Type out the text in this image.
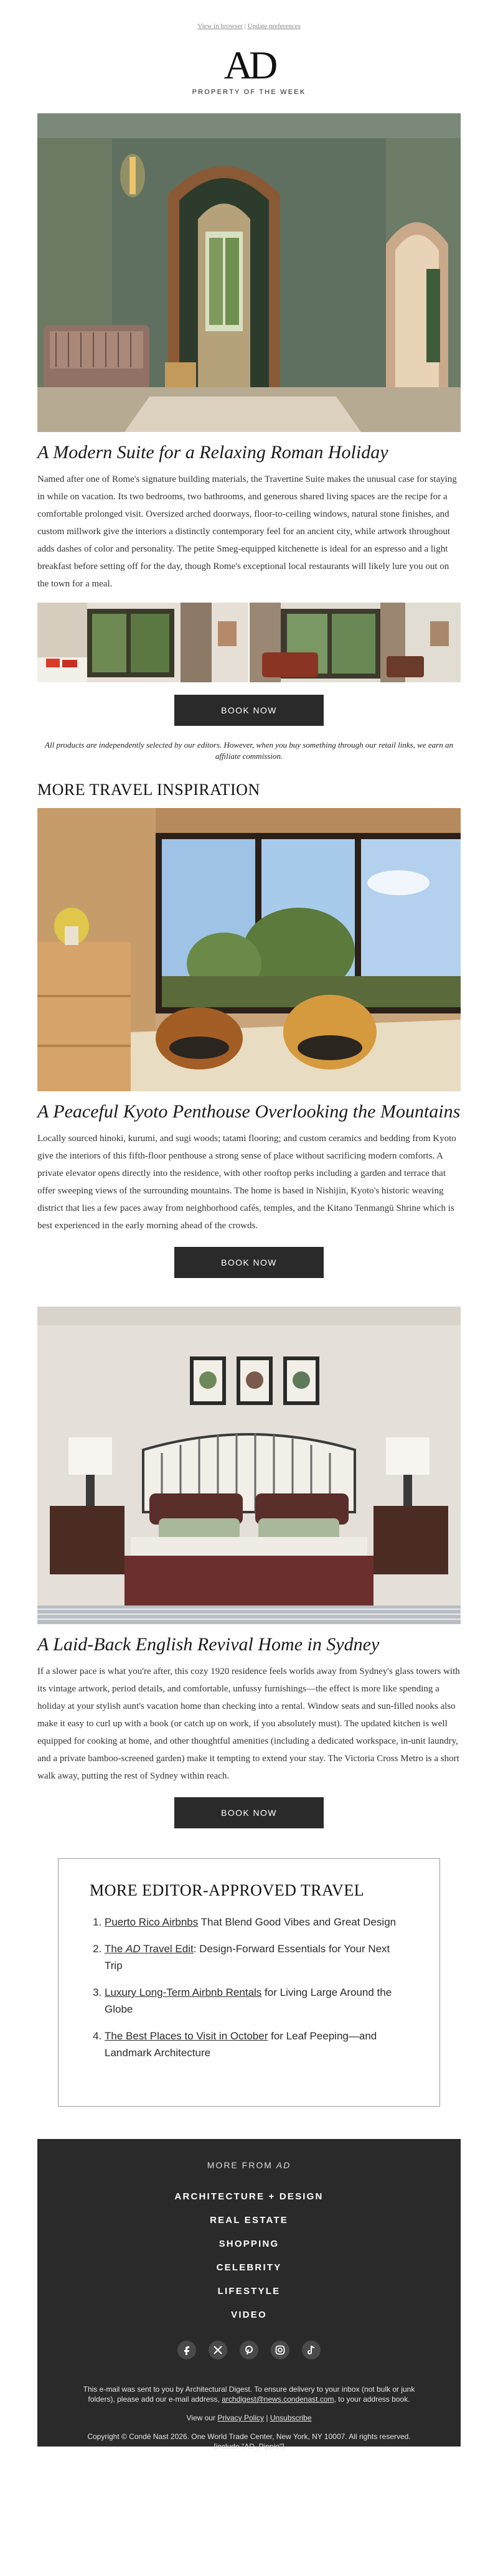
View in browser | Update preferences
AD
PROPERTY OF THE WEEK
A Modern Suite for a Relaxing Roman Holiday

Named after one of Rome's signature building materials, the Travertine Suite makes the unusual case for staying in while on vacation. Its two bedrooms, two bathrooms, and generous shared living spaces are the recipe for a comfortable prolonged visit. Oversized arched doorways, floor-to-ceiling windows, natural stone finishes, and custom millwork give the interiors a distinctly contemporary feel for an ancient city, while artwork throughout adds dashes of color and personality. The petite Smeg-equipped kitchenette is ideal for an espresso and a light breakfast before setting off for the day, though Rome's exceptional local restaurants will likely lure you out on the town for a meal.

BOOK NOW

All products are independently selected by our editors. However, when you buy something through our retail links, we earn an affiliate commission.

MORE TRAVEL INSPIRATION
A Peaceful Kyoto Penthouse Overlooking the Mountains

Locally sourced hinoki, kurumi, and sugi woods; tatami flooring; and custom ceramics and bedding from Kyoto give the interiors of this fifth-floor penthouse a strong sense of place without sacrificing modern comforts. A private elevator opens directly into the residence, with other rooftop perks including a garden and terrace that offer sweeping views of the surrounding mountains. The home is based in Nishijin, Kyoto's historic weaving district that lies a few paces away from neighborhood cafés, temples, and the Kitano Tenmangū Shrine which is best experienced in the early morning ahead of the crowds.

BOOK NOW
A Laid-Back English Revival Home in Sydney

If a slower pace is what you're after, this cozy 1920 residence feels worlds away from Sydney's glass towers with its vintage artwork, period details, and comfortable, unfussy furnishings—the effect is more like spending a holiday at your stylish aunt's vacation home than checking into a rental. Window seats and sun-filled nooks also make it easy to curl up with a book (or catch up on work, if you absolutely must). The updated kitchen is well equipped for cooking at home, and other thoughtful amenities (including a dedicated workspace, in-unit laundry, and a private bamboo-screened garden) make it tempting to extend your stay. The Victoria Cross Metro is a short walk away, putting the rest of Sydney within reach.

BOOK NOW
MORE EDITOR-APPROVED TRAVEL
1. Puerto Rico Airbnbs That Blend Good Vibes and Great Design
2. The AD Travel Edit: Design-Forward Essentials for Your Next Trip
3. Luxury Long-Term Airbnb Rentals for Living Large Around the Globe
4. The Best Places to Visit in October for Leaf Peeping—and Landmark Architecture
MORE FROM AD
ARCHITECTURE + DESIGN
REAL ESTATE
SHOPPING
CELEBRITY
LIFESTYLE
VIDEO

This e-mail was sent to you by Architectural Digest. To ensure delivery to your inbox (not bulk or junk folders), please add our e-mail address, archdigest@news.condenast.com, to your address book.

View our Privacy Policy | Unsubscribe

Copyright © Condé Nast 2026. One World Trade Center, New York, NY 10007. All rights reserved.[include "AD_Pippio"]
